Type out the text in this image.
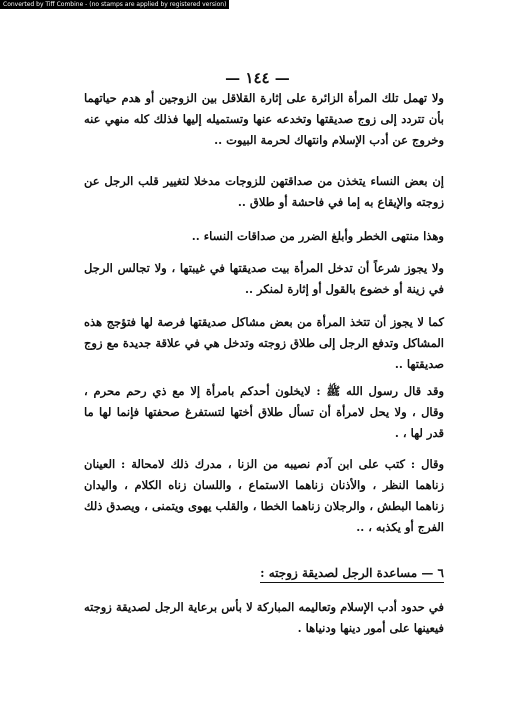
Converted by Tiff Combine - (no stamps are applied by registered version)
— ١٤٤ —

ولا تهمل تلك المرأة الزائرة على إثارة القلاقل بين الزوجين أو هدم حياتهما بأن تتردد إلى زوج صديقتها وتخدعه عنها وتستميله إليها فذلك كله منهي عنه وخروج عن أدب الإسلام وانتهاك لحرمة البيوت ..

إن بعض النساء يتخذن من صداقتهن للزوجات مدخلا لتغيير قلب الرجل عن زوجته والإيقاع به إما في فاحشة أو طلاق ..

وهذا منتهى الخطر وأبلغ الضرر من صداقات النساء ..

ولا يجوز شرعاً أن تدخل المرأة بيت صديقتها في غيبتها ، ولا تجالس الرجل في زينة أو خضوع بالقول أو إثارة لمنكر ..

كما لا يجوز أن تتخذ المرأة من بعض مشاكل صديقتها فرصة لها فتؤجج هذه المشاكل وتدفع الرجل إلى طلاق زوجته وتدخل هي في علاقة جديدة مع زوج صديقتها ..

وقد قال رسول الله ﷺ : لايخلون أحدكم بامرأة إلا مع ذي رحم محرم ، وقال ، ولا يحل لامرأة أن تسأل طلاق أختها لتستفرغ صحفتها فإنما لها ما قدر لها ، .

وقال : كتب على ابن آدم نصيبه من الزنا ، مدرك ذلك لامحالة : العينان زناهما النظر ، والأذنان زناهما الاستماع ، واللسان زناه الكلام ، واليدان زناهما البطش ، والرجلان زناهما الخطا ، والقلب يهوى ويتمنى ، ويصدق ذلك الفرج أو يكذبه ، ..

٦ — مساعدة الرجل لصديقة زوجته :

في حدود أدب الإسلام وتعاليمه المباركة لا بأس برعاية الرجل لصديقة زوجته فيعينها على أمور دينها ودنياها .
